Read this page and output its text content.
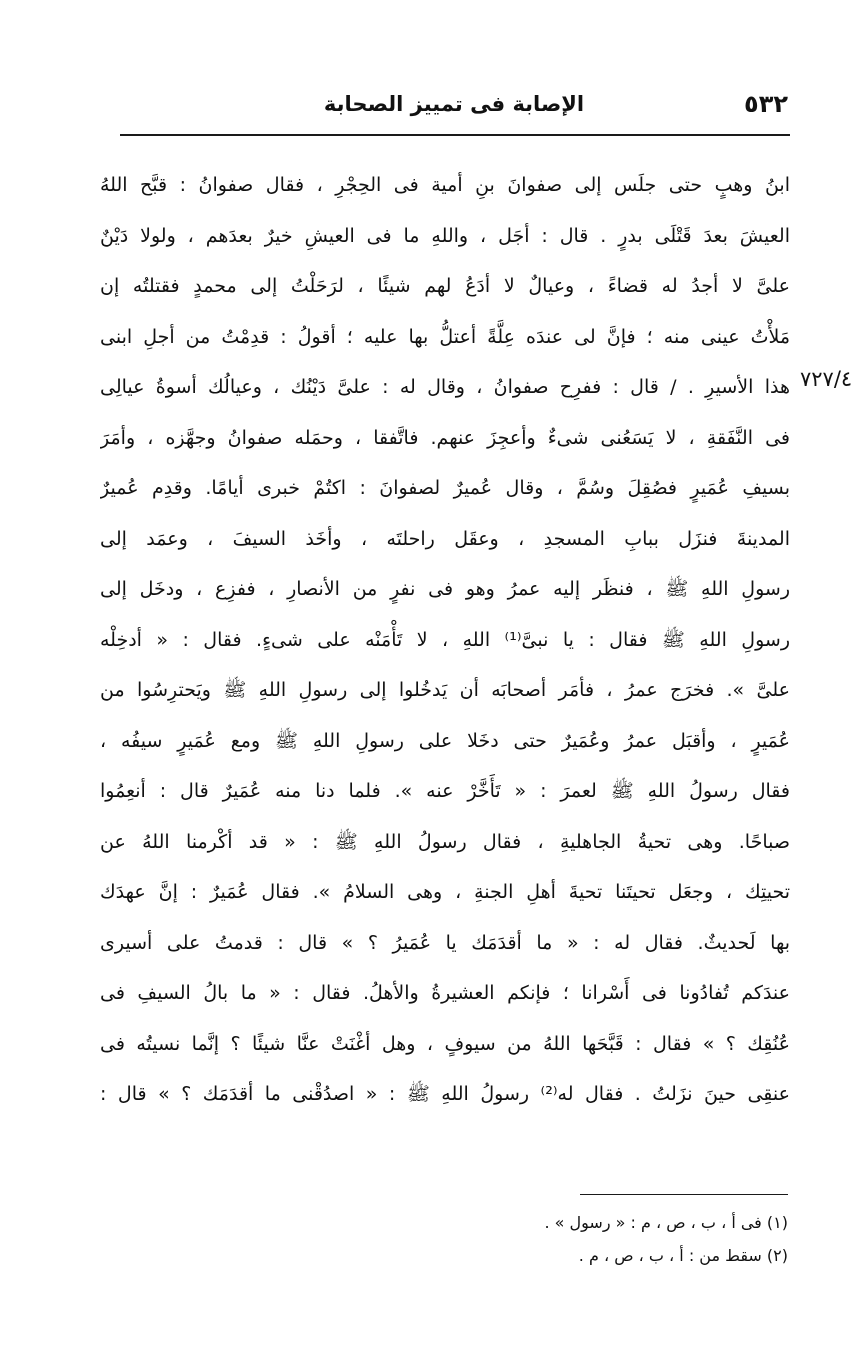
٥٣٢
الإصابة فى تمييز الصحابة
٧٢٧/٤
ابنُ وهبٍ حتى جلَس إلى صفوانَ بنِ أمية فى الحِجْرِ ، فقال صفوانُ : قبَّح اللهُ
العيشَ بعدَ قَتْلَى بدرٍ . قال : أجَل ، واللهِ ما فى العيشِ خيرٌ بعدَهم ، ولولا دَيْنٌ
علىَّ لا أجدُ له قضاءً ، وعيالٌ لا أدَعُ لهم شيئًا ، لرَحَلْتُ إلى محمدٍ فقتلتُه إن
مَلأْتُ عينى منه ؛ فإنَّ لى عندَه عِلَّةً أعتلُّ بها عليه ؛ أقولُ : قدِمْتُ من أجلِ ابنى
هذا الأسيرِ . / قال : ففرِح صفوانُ ، وقال له : علىَّ دَيْنُك ، وعيالُك أسوةُ عيالِى
فى النَّفَقةِ ، لا يَسَعُنى شىءٌ وأعجِزَ عنهم. فاتَّفقا ، وحمَله صفوانُ وجهَّزه ، وأمَرَ
بسيفِ عُمَيرٍ فصُقِلَ وسُمَّ ، وقال عُميرٌ لصفوانَ : اكتُمْ خبرى أيامًا. وقدِم عُميرٌ
المدينةَ فنزَل ببابِ المسجدِ ، وعقَل راحلتَه ، وأخَذ السيفَ ، وعمَد إلى
رسولِ اللهِ ﷺ ، فنظَر إليه عمرُ وهو فى نفرٍ من الأنصارِ ، ففزِع ، ودخَل إلى
رسولِ اللهِ ﷺ فقال : يا نبىَّ⁽¹⁾ اللهِ ، لا تَأْمَنْه على شىءٍ. فقال : « أدخِلْه
علىَّ ». فخرَج عمرُ ، فأمَر أصحابَه أن يَدخُلوا إلى رسولِ اللهِ ﷺ ويَحترِسُوا من
عُمَيرٍ ، وأقبَل عمرُ وعُمَيرٌ حتى دخَلا على رسولِ اللهِ ﷺ ومع عُمَيرٍ سيفُه ،
فقال رسولُ اللهِ ﷺ لعمرَ : « تَأَخَّرْ عنه ». فلما دنا منه عُمَيرٌ قال : أنعِمُوا
صباحًا. وهى تحيةُ الجاهليةِ ، فقال رسولُ اللهِ ﷺ : « قد أكْرمنا اللهُ عن
تحيتِك ، وجعَل تحيتَنا تحيةَ أهلِ الجنةِ ، وهى السلامُ ». فقال عُمَيرٌ : إنَّ عهدَك
بها لَحديثٌ. فقال له : « ما أقدَمَك يا عُمَيرُ ؟ » قال : قدمتُ على أسيرى
عندَكم تُفادُونا فى أَسْرانا ؛ فإنكم العشيرةُ والأهلُ. فقال : « ما بالُ السيفِ فى
عُنُقِك ؟ » فقال : قَبَّحَها اللهُ من سيوفٍ ، وهل أغْنَتْ عنَّا شيئًا ؟ إنَّما نسيتُه فى
عنقِى حينَ نزَلتُ . فقال له⁽²⁾ رسولُ اللهِ ﷺ : « اصدُقْنى ما أقدَمَك ؟ » قال :
(١) فى أ ، ب ، ص ، م : « رسول » .
(٢) سقط من : أ ، ب ، ص ، م .
